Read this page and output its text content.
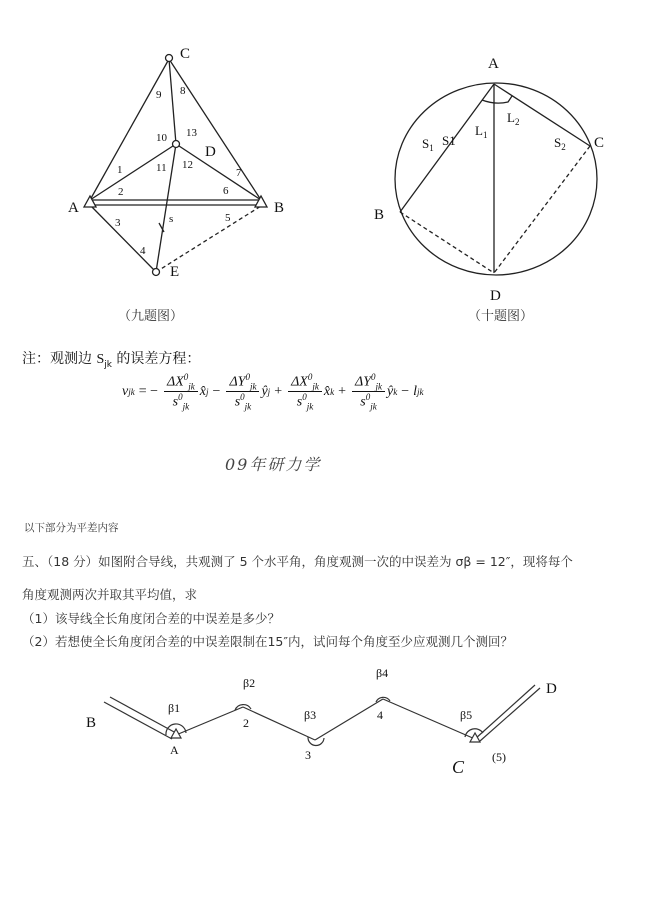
C
D
A	B
E
1
2
3
4
5
6
7
8
9
10
11 12
13
s
A
B
C
D
$S_1$ S1
$L_1$
$L_2$
$S_2$
（九题图）	（十题图）
注：观测边 $S_{jk}$ 的误差方程：
v jk = − $\frac{\Delta X^0_{jk}}{s^0_{jk}}$ x̂ $j - \frac{\Delta Y^0_{jk}}{s^0_{jk}}$ ŷ $j + \frac{\Delta X^0_{jk}}{s^0_{jk}}$ x̂ $k + \frac{\Delta Y^0_{jk}}{s^0_{jk}}$ ŷ k − l jk
09年研力学
以下部分为平差内容
五、（18 分）如图附合导线，共观测了 5 个水平角，角度观测一次的中误差为 σβ = 12″，现将每个
角度观测两次并取其平均值，求
（1）该导线全长角度闭合差的中误差是多少？
（2）若想使全长角度闭合差的中误差限制在15″内，试问每个角度至少应观测几个测回？
B
D
A
2
3
4
(5)
β1
β2
β3
β4
β5
C
